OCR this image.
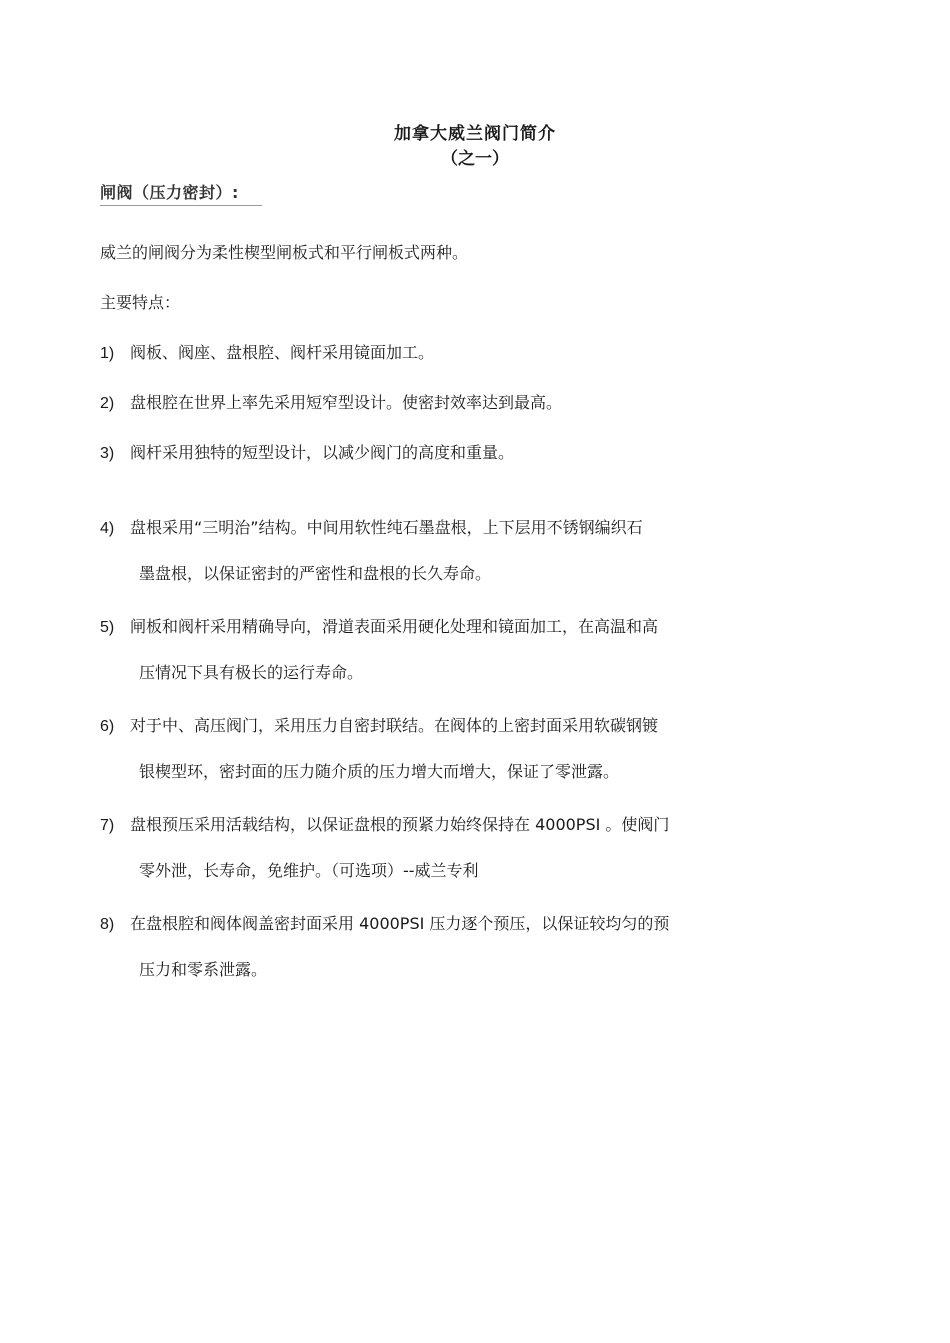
加拿大威兰阀门简介
（之一）
闸阀（压力密封）:
威兰的闸阀分为柔性楔型闸板式和平行闸板式两种。
主要特点：
1) 阀板、阀座、盘根腔、阀杆采用镜面加工。
2) 盘根腔在世界上率先采用短窄型设计。使密封效率达到最高。
3) 阀杆采用独特的短型设计，以减少阀门的高度和重量。
4) 盘根采用“三明治”结构。中间用软性纯石墨盘根，上下层用不锈钢编织石
墨盘根，以保证密封的严密性和盘根的长久寿命。
5) 闸板和阀杆采用精确导向，滑道表面采用硬化处理和镜面加工，在高温和高
压情况下具有极长的运行寿命。
6) 对于中、高压阀门，采用压力自密封联结。在阀体的上密封面采用软碳钢镀
银楔型环，密封面的压力随介质的压力增大而增大，保证了零泄露。
7) 盘根预压采用活载结构，以保证盘根的预紧力始终保持在 4000PSI 。使阀门
零外泄，长寿命，免维护。（可选项）--威兰专利
8) 在盘根腔和阀体阀盖密封面采用 4000PSI 压力逐个预压，以保证较均匀的预
压力和零系泄露。
